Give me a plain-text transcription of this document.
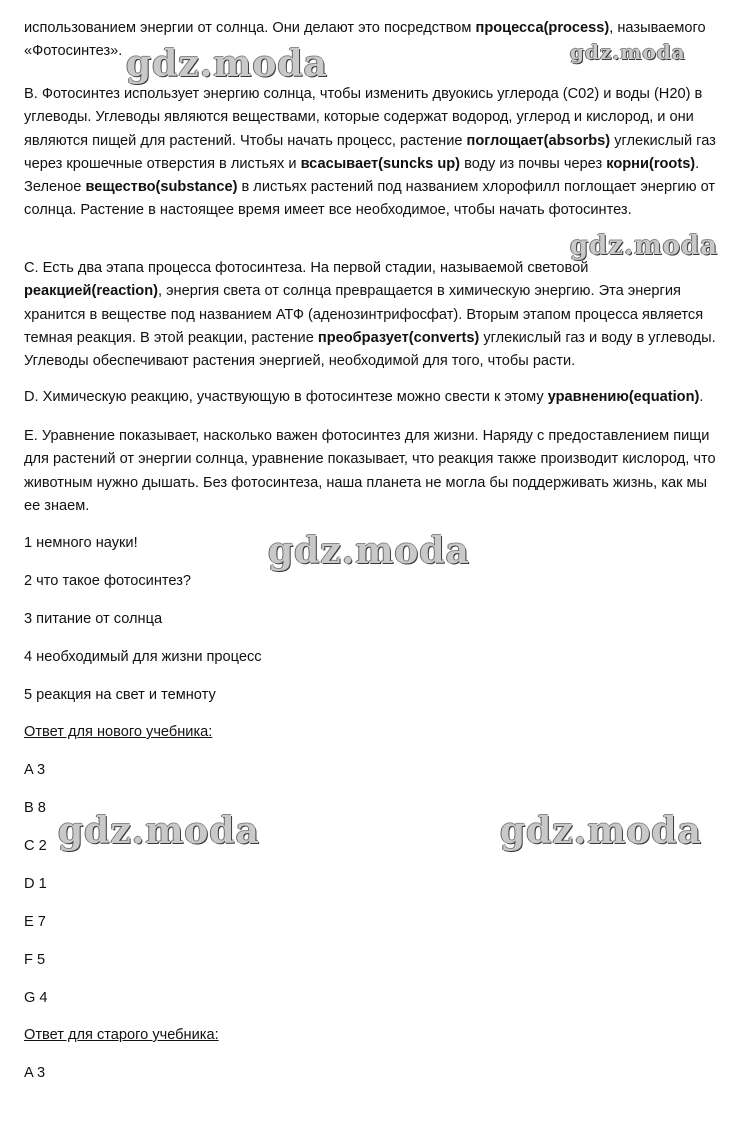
использованием энергии от солнца. Они делают это посредством процесса(process), называемого «Фотосинтез».

B. Фотосинтез использует энергию солнца, чтобы изменить двуокись углерода (C02) и воды (H20) в углеводы. Углеводы являются веществами, которые содержат водород, углерод и кислород, и они являются пищей для растений. Чтобы начать процесс, растение поглощает(absorbs) углекислый газ через крошечные отверстия в листьях и всасывает(suncks up) воду из почвы через корни(roots). Зеленое вещество(substance) в листьях растений под названием хлорофилл поглощает энергию от солнца. Растение в настоящее время имеет все необходимое, чтобы начать фотосинтез.

C. Есть два этапа процесса фотосинтеза. На первой стадии, называемой световой реакцией(reaction), энергия света от солнца превращается в химическую энергию. Эта энергия хранится в веществе под названием АТФ (аденозинтрифосфат). Вторым этапом процесса является темная реакция. В этой реакции, растение преобразует(converts) углекислый газ и воду в углеводы. Углеводы обеспечивают растения энергией, необходимой для того, чтобы расти.

D. Химическую реакцию, участвующую в фотосинтезе можно свести к этому уравнению(equation).

E. Уравнение показывает, насколько важен фотосинтез для жизни. Наряду с предоставлением пищи для растений от энергии солнца, уравнение показывает, что реакция также производит кислород, что животным нужно дышать. Без фотосинтеза, наша планета не могла бы поддерживать жизнь, как мы ее знаем.

1 немного науки!
2 что такое фотосинтез?
3 питание от солнца
4 необходимый для жизни процесс
5 реакция на свет и темноту
Ответ для нового учебника:
A 3
B 8
C 2
D 1
E 7
F 5
G 4
Ответ для старого учебника:
A 3
gdz.moda	gdz.moda
gdz.moda
gdz.moda
gdz.moda	gdz.moda
